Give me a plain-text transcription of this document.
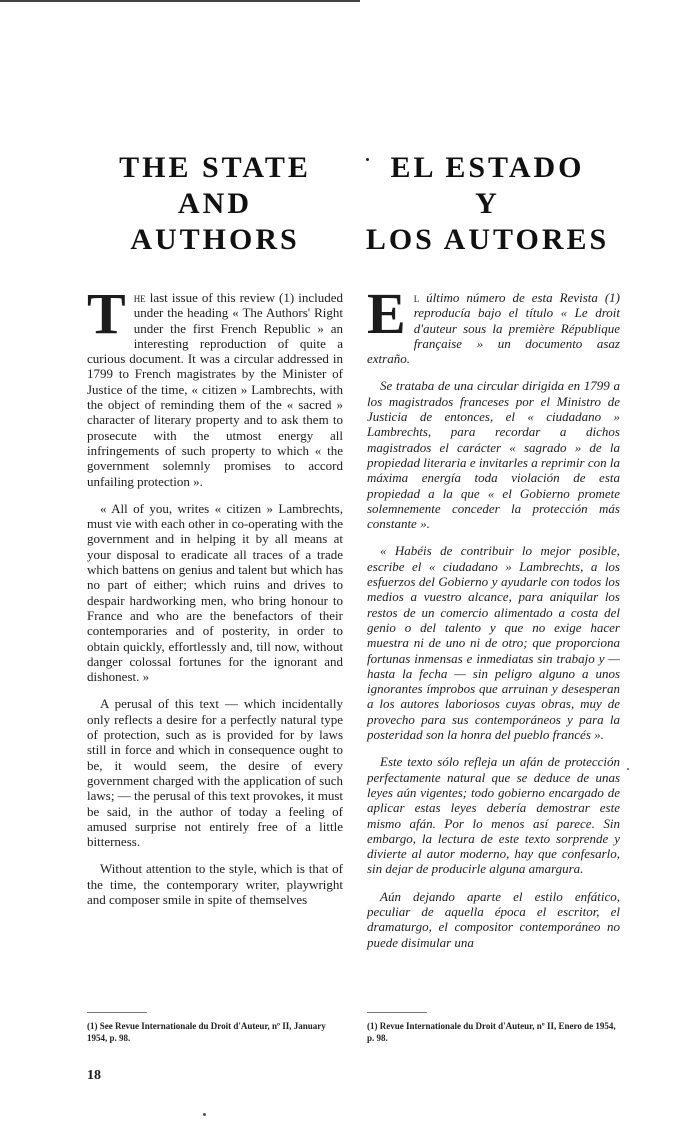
THE STATE
AND
AUTHORS
EL ESTADO
Y
LOS AUTORES

The last issue of this review (1) included under the heading « The Authors' Right under the first French Republic » an interesting reproduction of quite a curious document. It was a circular addressed in 1799 to French magistrates by the Minister of Justice of the time, « citizen » Lambrechts, with the object of reminding them of the « sacred » character of literary property and to ask them to prosecute with the utmost energy all infringements of such property to which « the government solemnly promises to accord unfailing protection ».

« All of you, writes « citizen » Lambrechts, must vie with each other in co-operating with the government and in helping it by all means at your disposal to eradicate all traces of a trade which battens on genius and talent but which has no part of either; which ruins and drives to despair hardworking men, who bring honour to France and who are the benefactors of their contemporaries and of posterity, in order to obtain quickly, effortlessly and, till now, without danger colossal fortunes for the ignorant and dishonest. »

A perusal of this text — which incidentally only reflects a desire for a perfectly natural type of protection, such as is provided for by laws still in force and which in consequence ought to be, it would seem, the desire of every government charged with the application of such laws; — the perusal of this text provokes, it must be said, in the author of today a feeling of amused surprise not entirely free of a little bitterness.

Without attention to the style, which is that of the time, the contemporary writer, playwright and composer smile in spite of themselves

El último número de esta Revista (1) reproducía bajo el título « Le droit d'auteur sous la première République française » un documento asaz extraño.

Se trataba de una circular dirigida en 1799 a los magistrados franceses por el Ministro de Justicia de entonces, el « ciudadano » Lambrechts, para recordar a dichos magistrados el carácter « sagrado » de la propiedad literaria e invitarles a reprimir con la máxima energía toda violación de esta propiedad a la que « el Gobierno promete solemnemente conceder la protección más constante ».

« Habéis de contribuir lo mejor posible, escribe el « ciudadano » Lambrechts, a los esfuerzos del Gobierno y ayudarle con todos los medios a vuestro alcance, para aniquilar los restos de un comercio alimentado a costa del genio o del talento y que no exige hacer muestra ni de uno ni de otro; que proporciona fortunas inmensas e inmediatas sin trabajo y — hasta la fecha — sin peligro alguno a unos ignorantes ímprobos que arruinan y desesperan a los autores laboriosos cuyas obras, muy de provecho para sus contemporáneos y para la posteridad son la honra del pueblo francés ».

Este texto sólo refleja un afán de protección perfectamente natural que se deduce de unas leyes aún vigentes; todo gobierno encargado de aplicar estas leyes debería demostrar este mismo afán. Por lo menos así parece. Sin embargo, la lectura de este texto sorprende y divierte al autor moderno, hay que confesarlo, sin dejar de producirle alguna amargura.

Aún dejando aparte el estilo enfático, peculiar de aquella época el escritor, el dramaturgo, el compositor contemporáneo no puede disimular una

(1) See Revue Internationale du Droit d'Auteur, nº II, January 1954, p. 98.
(1) Revue Internationale du Droit d'Auteur, nº II, Enero de 1954, p. 98.
18
